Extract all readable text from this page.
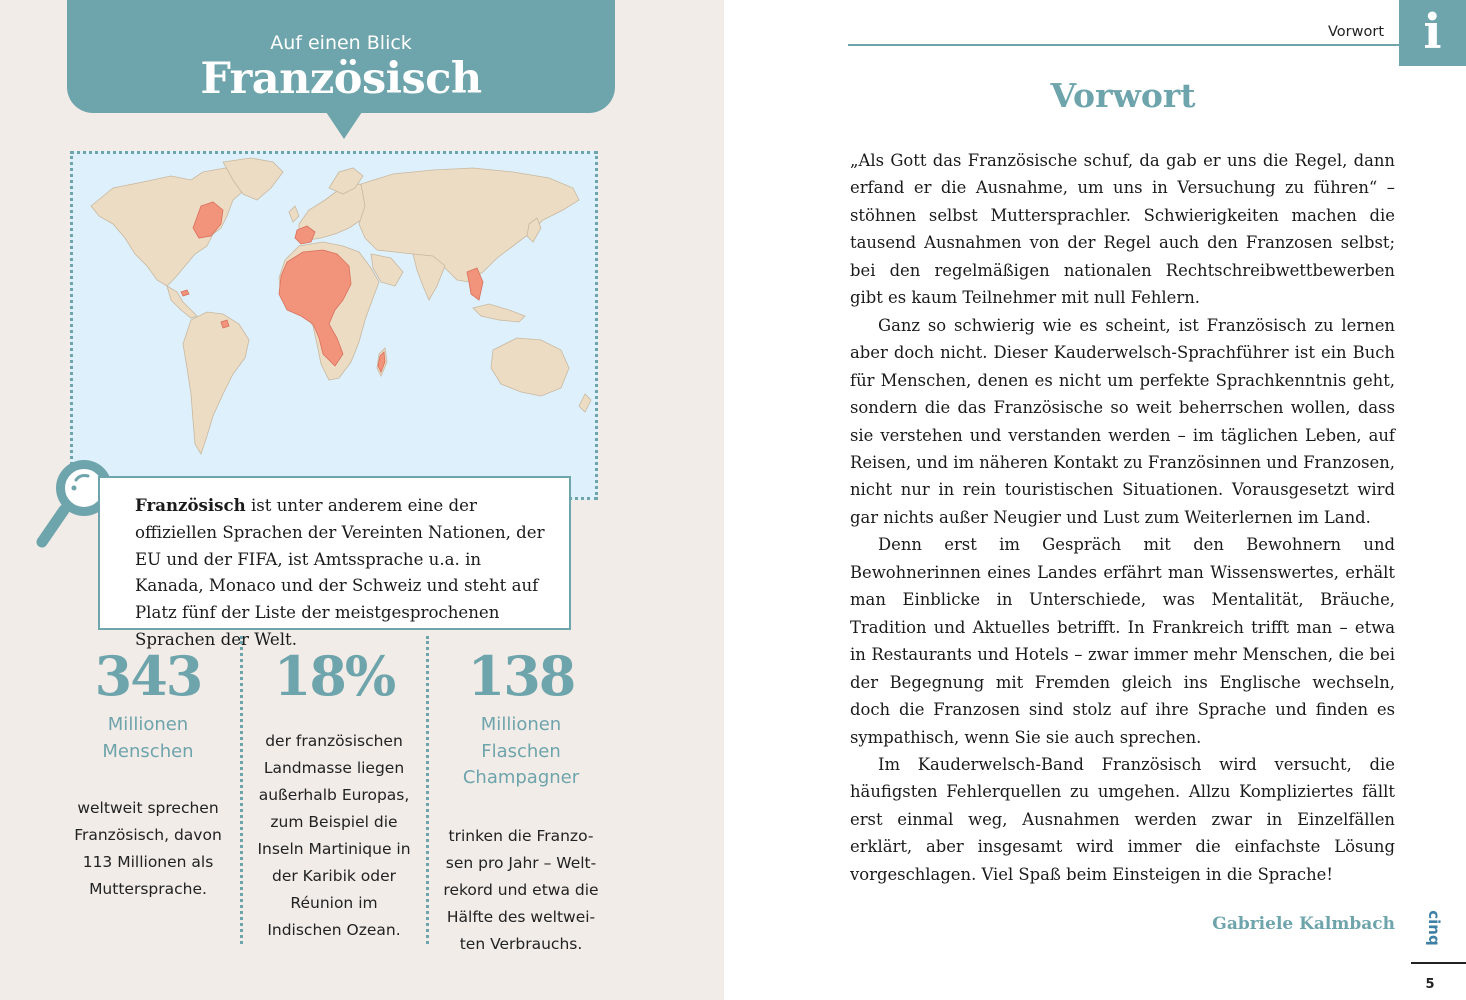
Auf einen Blick
Französisch
Französisch ist unter anderem eine der offiziellen Sprachen der Vereinten Nationen, der EU und der FIFA, ist Amtssprache u.a. in Kanada, Monaco und der Schweiz und steht auf Platz fünf der Liste der meistgesprochenen Sprachen der Welt.
343
Millionen Menschen
weltweit sprechen Französisch, davon 113 Millionen als Muttersprache.
18%
der französischen Landmasse liegen außerhalb Europas, zum Beispiel die Inseln Martinique in der Karibik oder Réunion im Indischen Ozean.
138
Millionen Flaschen Champagner
trinken die Franzo-sen pro Jahr – Welt-rekord und etwa die Hälfte des weltwei-ten Verbrauchs.
Vorwort i
Vorwort

„Als Gott das Französische schuf, da gab er uns die Regel, dann erfand er die Ausnahme, um uns in Versuchung zu führen“ – stöhnen selbst Muttersprachler. Schwierigkeiten machen die tausend Ausnahmen von der Regel auch den Franzosen selbst; bei den regelmäßigen nationalen Rechtschreibwettbewerben gibt es kaum Teilnehmer mit null Fehlern.

Ganz so schwierig wie es scheint, ist Französisch zu lernen aber doch nicht. Dieser Kauderwelsch-Sprachführer ist ein Buch für Menschen, denen es nicht um perfekte Sprachkenntnis geht, sondern die das Französische so weit beherrschen wollen, dass sie verstehen und verstanden werden – im täglichen Leben, auf Reisen, und im näheren Kontakt zu Französinnen und Franzosen, nicht nur in rein touristischen Situationen. Vorausgesetzt wird gar nichts außer Neugier und Lust zum Weiterlernen im Land.

Denn erst im Gespräch mit den Bewohnern und Bewohnerinnen eines Landes erfährt man Wissenswertes, erhält man Einblicke in Unterschiede, was Mentalität, Bräuche, Tradition und Aktuelles betrifft. In Frankreich trifft man – etwa in Restaurants und Hotels – zwar immer mehr Menschen, die bei der Begegnung mit Fremden gleich ins Englische wechseln, doch die Franzosen sind stolz auf ihre Sprache und finden es sympathisch, wenn Sie sie auch sprechen.

Im Kauderwelsch-Band Französisch wird versucht, die häufigsten Fehlerquellen zu umgehen. Allzu Kompliziertes fällt erst einmal weg, Ausnahmen werden zwar in Einzelfällen erklärt, aber insgesamt wird immer die einfachste Lösung vorgeschlagen. Viel Spaß beim Einsteigen in die Sprache!

Gabriele Kalmbach	cinq
5
